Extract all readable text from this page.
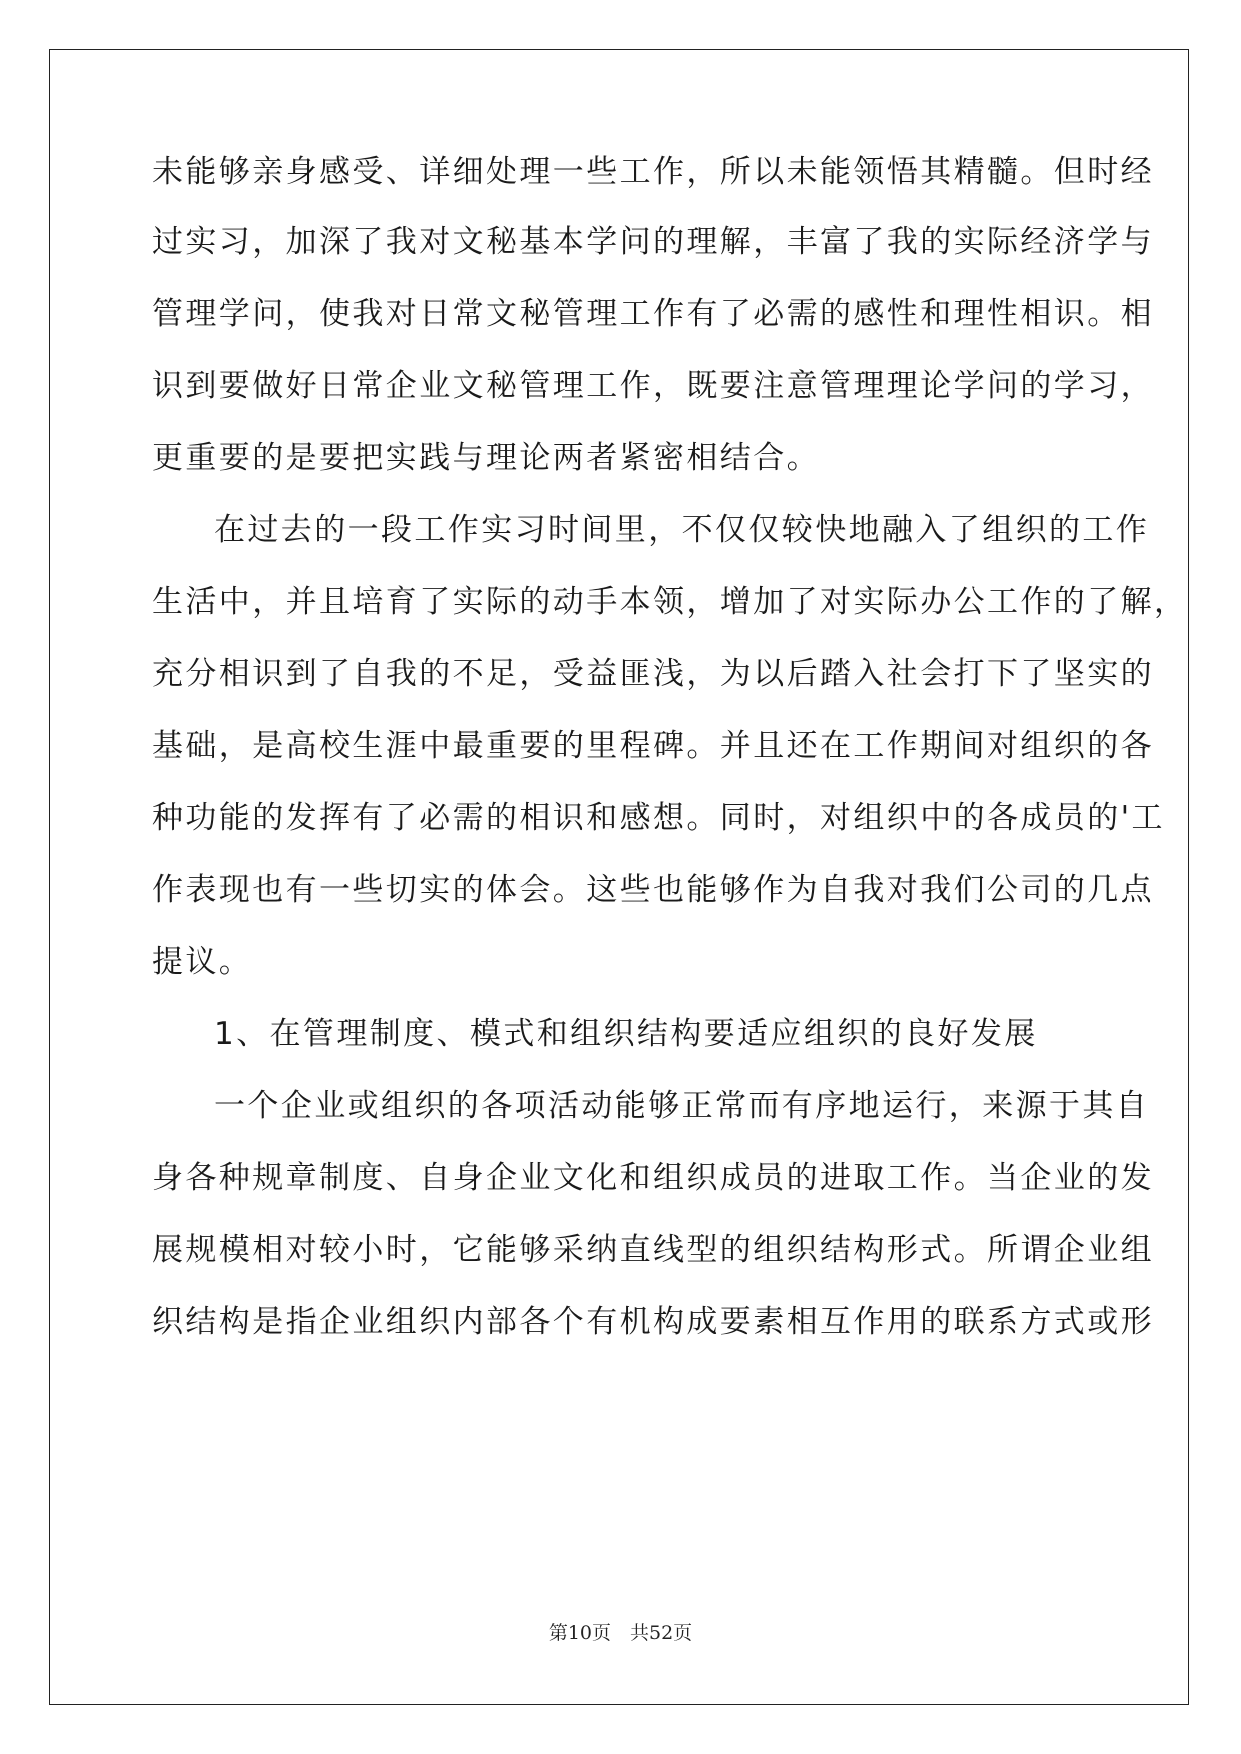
未能够亲身感受、详细处理一些工作，所以未能领悟其精髓。但时经
过实习，加深了我对文秘基本学问的理解，丰富了我的实际经济学与
管理学问，使我对日常文秘管理工作有了必需的感性和理性相识。相
识到要做好日常企业文秘管理工作，既要注意管理理论学问的学习，
更重要的是要把实践与理论两者紧密相结合。
在过去的一段工作实习时间里，不仅仅较快地融入了组织的工作
生活中，并且培育了实际的动手本领，增加了对实际办公工作的了解，
充分相识到了自我的不足，受益匪浅，为以后踏入社会打下了坚实的
基础，是高校生涯中最重要的里程碑。并且还在工作期间对组织的各
种功能的发挥有了必需的相识和感想。同时，对组织中的各成员的'工
作表现也有一些切实的体会。这些也能够作为自我对我们公司的几点
提议。
1、在管理制度、模式和组织结构要适应组织的良好发展
一个企业或组织的各项活动能够正常而有序地运行，来源于其自
身各种规章制度、自身企业文化和组织成员的进取工作。当企业的发
展规模相对较小时，它能够采纳直线型的组织结构形式。所谓企业组
织结构是指企业组织内部各个有机构成要素相互作用的联系方式或形
第10页　共52页
